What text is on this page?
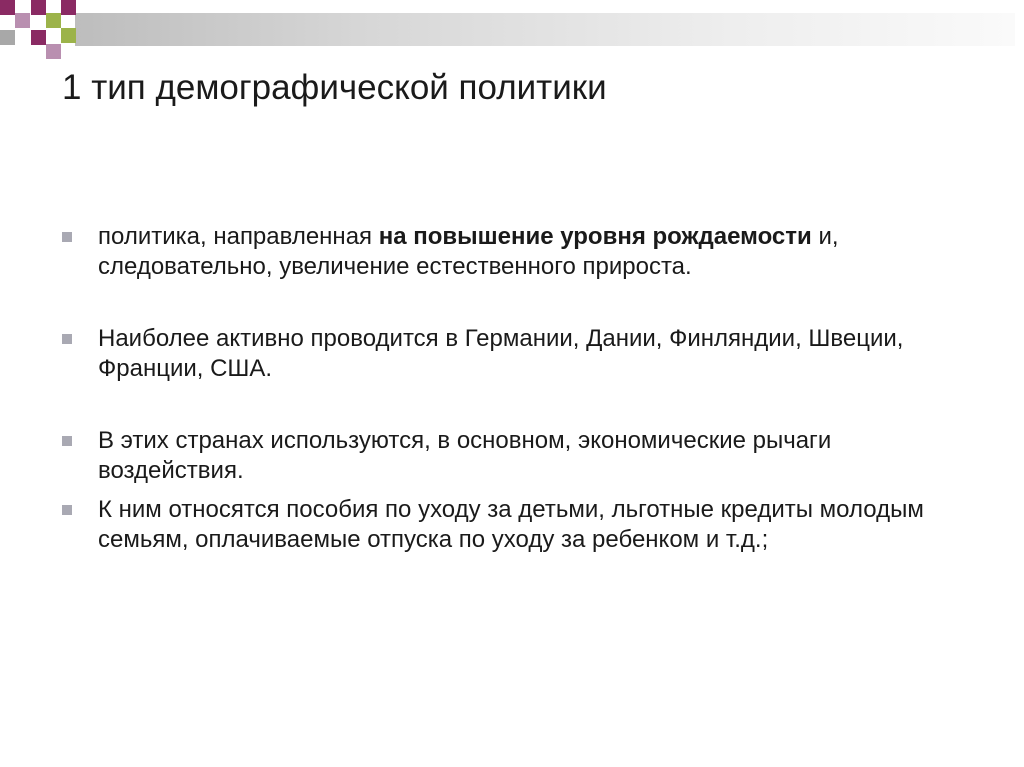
1 тип демографической политики
политика, направленная на повышение уровня рождаемости и, следовательно, увеличение естественного прироста.
Наиболее активно проводится в Германии, Дании, Финляндии, Швеции, Франции, США.
В этих странах используются, в основном, экономические рычаги воздействия.
К ним относятся пособия по уходу за детьми, льготные кредиты молодым семьям, оплачиваемые отпуска по уходу за ребенком и т.д.;
